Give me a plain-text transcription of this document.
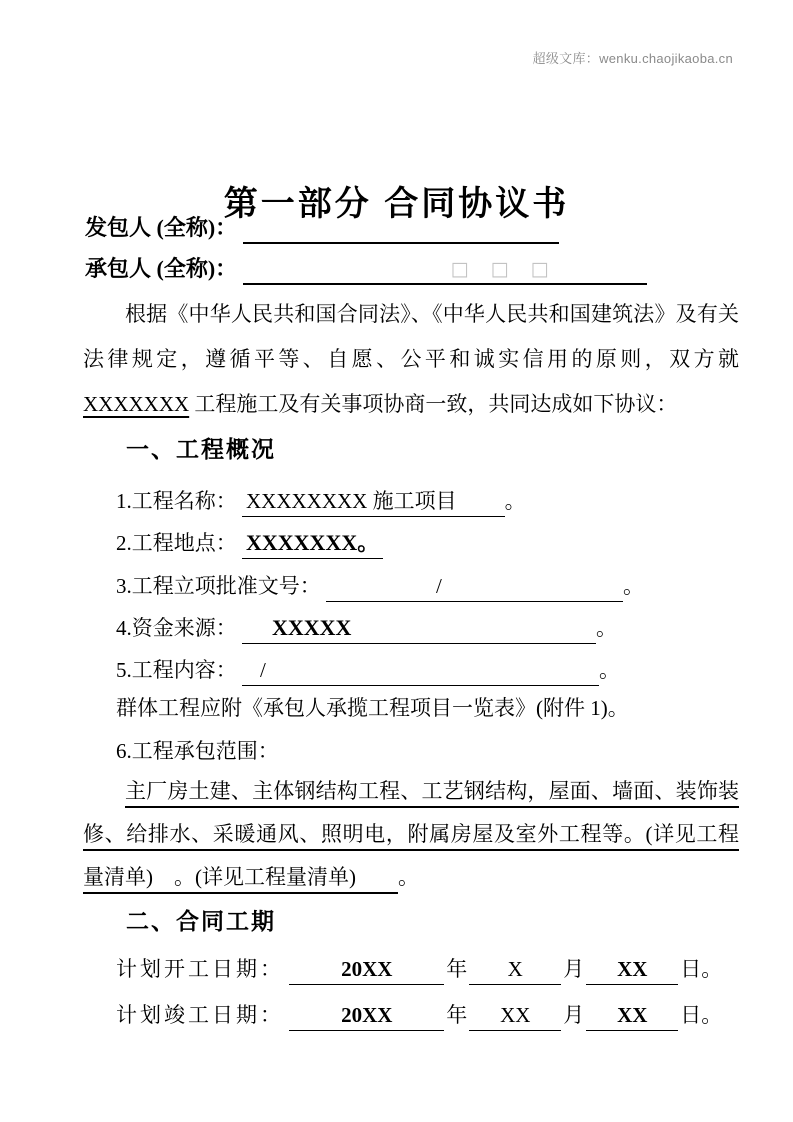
超级文库：wenku.chaojikaoba.cn
第一部分 合同协议书
发包人 (全称)：
承包人 (全称)：	□ □ □

根据《中华人民共和国合同法》、《中华人民共和国建筑法》及有关法律规定，遵循平等、自愿、公平和诚实信用的原则，双方就 XXXXXXX 工程施工及有关事项协商一致，共同达成如下协议：

一、工程概况
1.工程名称： XXXXXXXX 施工项目 。
2.工程地点： XXXXXXX。
3.工程立项批准文号：	/	。
4.资金来源： XXXXX	。
5.工程内容： /	。
群体工程应附《承包人承揽工程项目一览表》(附件 1)。
6.工程承包范围：

主厂房土建、主体钢结构工程、工艺钢结构，屋面、墙面、装饰装修、给排水、采暖通风、照明电，附属房屋及室外工程等。(详见工程量清单)　。(详见工程量清单)　　。

二、合同工期
计划开工日期：	20XX	年 X 月 XX 日。
计划竣工日期：	20XX	年 XX 月 XX 日。
